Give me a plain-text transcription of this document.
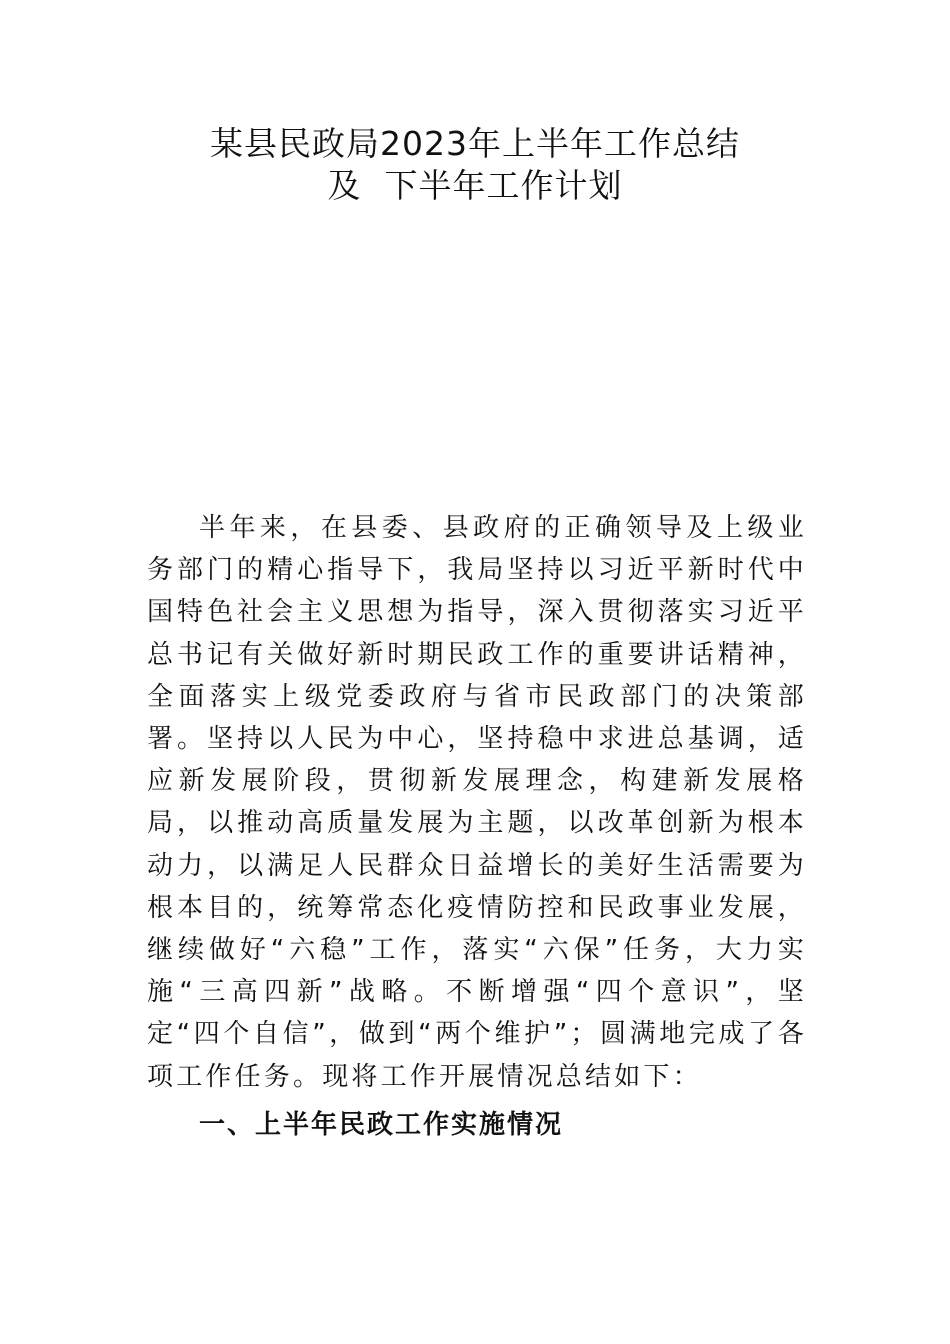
某县民政局2023年上半年工作总结
及  下半年工作计划

半年来，在县委、县政府的正确领导及上级业务部门的精心指导下，我局坚持以习近平新时代中国特色社会主义思想为指导，深入贯彻落实习近平总书记有关做好新时期民政工作的重要讲话精神，全面落实上级党委政府与省市民政部门的决策部署。坚持以人民为中心，坚持稳中求进总基调，适应新发展阶段，贯彻新发展理念，构建新发展格局，以推动高质量发展为主题，以改革创新为根本动力，以满足人民群众日益增长的美好生活需要为根本目的，统筹常态化疫情防控和民政事业发展，继续做好“六稳”工作，落实“六保”任务，大力实施“三高四新”战略。不断增强“四个意识”，坚定“四个自信”，做到“两个维护”；圆满地完成了各项工作任务。现将工作开展情况总结如下：

一、上半年民政工作实施情况
